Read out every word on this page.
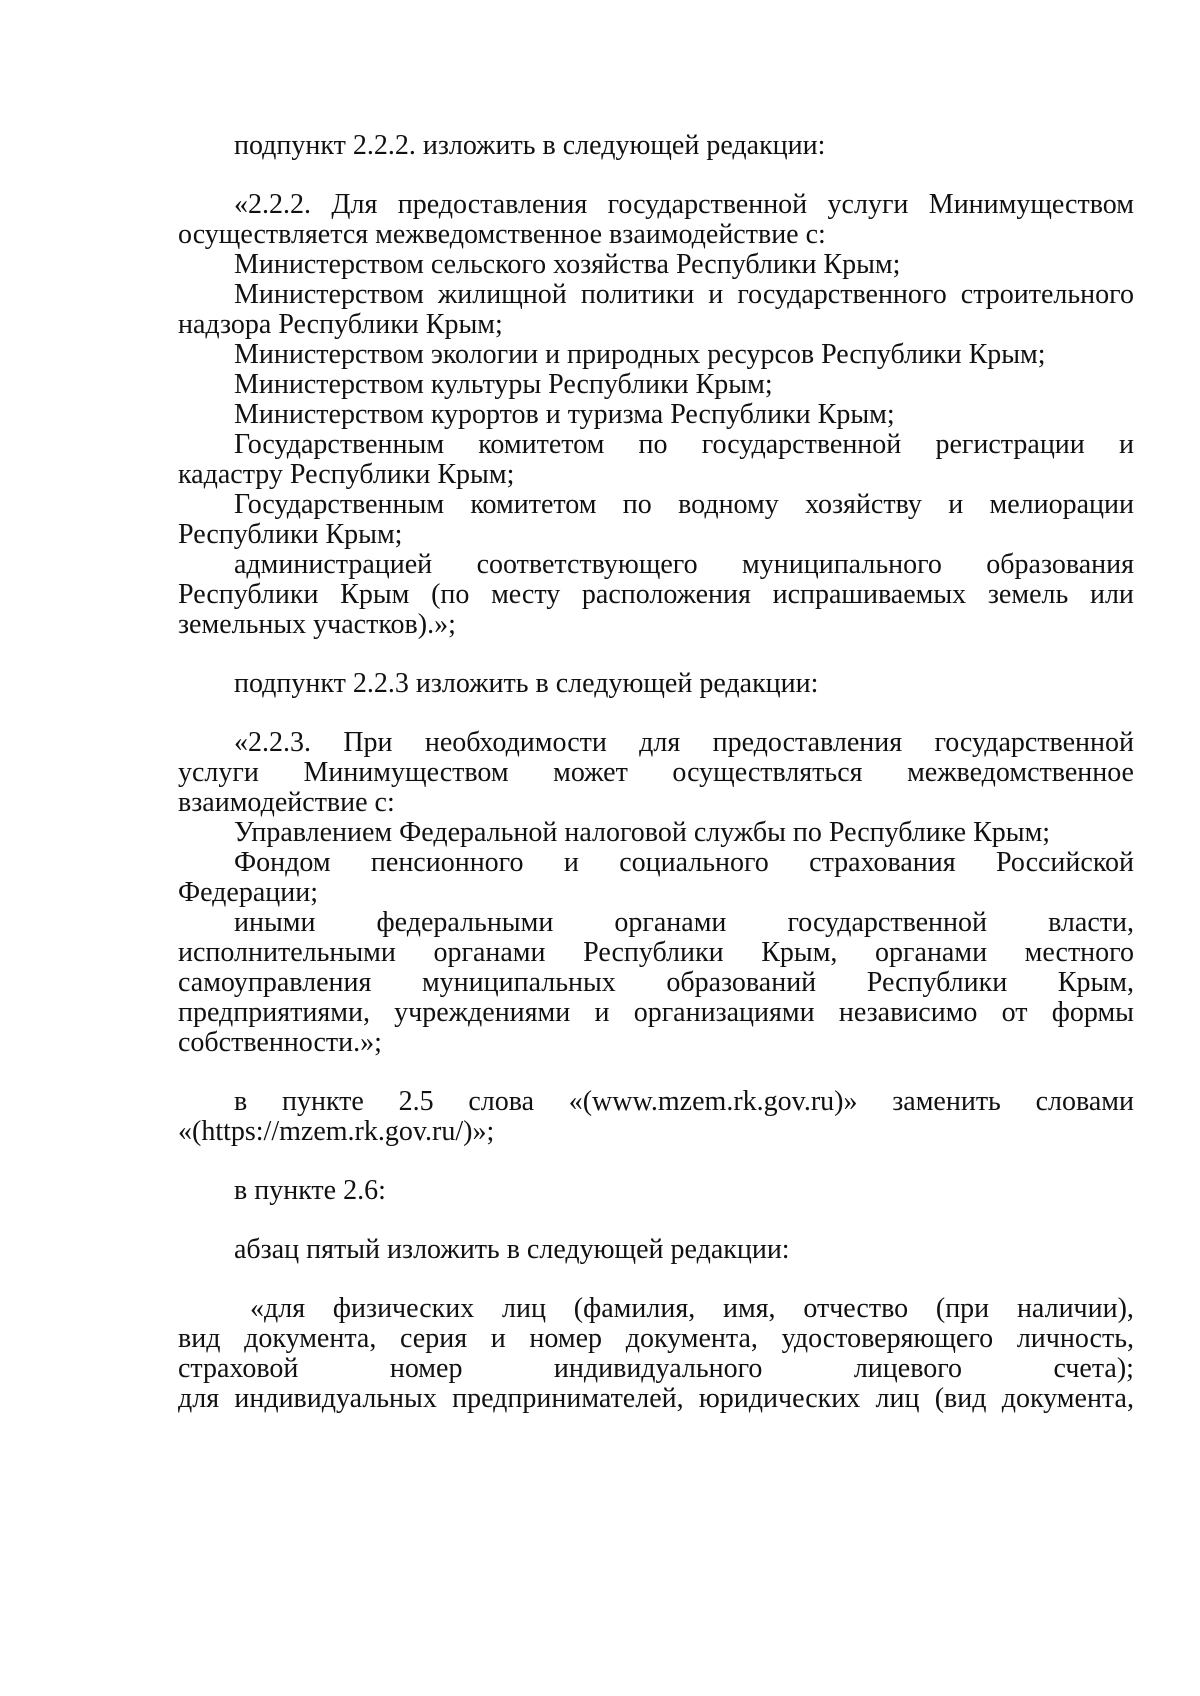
подпункт 2.2.2. изложить в следующей редакции:
«2.2.2. Для предоставления государственной услуги Минимуществом
осуществляется межведомственное взаимодействие с:
Министерством сельского хозяйства Республики Крым;
Министерством жилищной политики и государственного строительного
надзора Республики Крым;
Министерством экологии и природных ресурсов Республики Крым;
Министерством культуры Республики Крым;
Министерством курортов и туризма Республики Крым;
Государственным комитетом по государственной регистрации и
кадастру Республики Крым;
Государственным комитетом по водному хозяйству и мелиорации
Республики Крым;
администрацией соответствующего муниципального образования
Республики Крым (по месту расположения испрашиваемых земель или
земельных участков).»;
подпункт 2.2.3 изложить в следующей редакции:
«2.2.3. При необходимости для предоставления государственной
услуги Минимуществом может осуществляться межведомственное
взаимодействие с:
Управлением Федеральной налоговой службы по Республике Крым;
Фондом пенсионного и социального страхования Российской
Федерации;
иными федеральными органами государственной власти,
исполнительными органами Республики Крым, органами местного
самоуправления муниципальных образований Республики Крым,
предприятиями, учреждениями и организациями независимо от формы
собственности.»;
в пункте 2.5 слова «(www.mzem.rk.gov.ru)» заменить словами
«(https://mzem.rk.gov.ru/)»;
в пункте 2.6:
абзац пятый изложить в следующей редакции:
«для физических лиц (фамилия, имя, отчество (при наличии),
вид документа, серия и номер документа, удостоверяющего личность,
страховой	номер	индивидуального	лицевого	счета);
для индивидуальных предпринимателей, юридических лиц (вид документа,
